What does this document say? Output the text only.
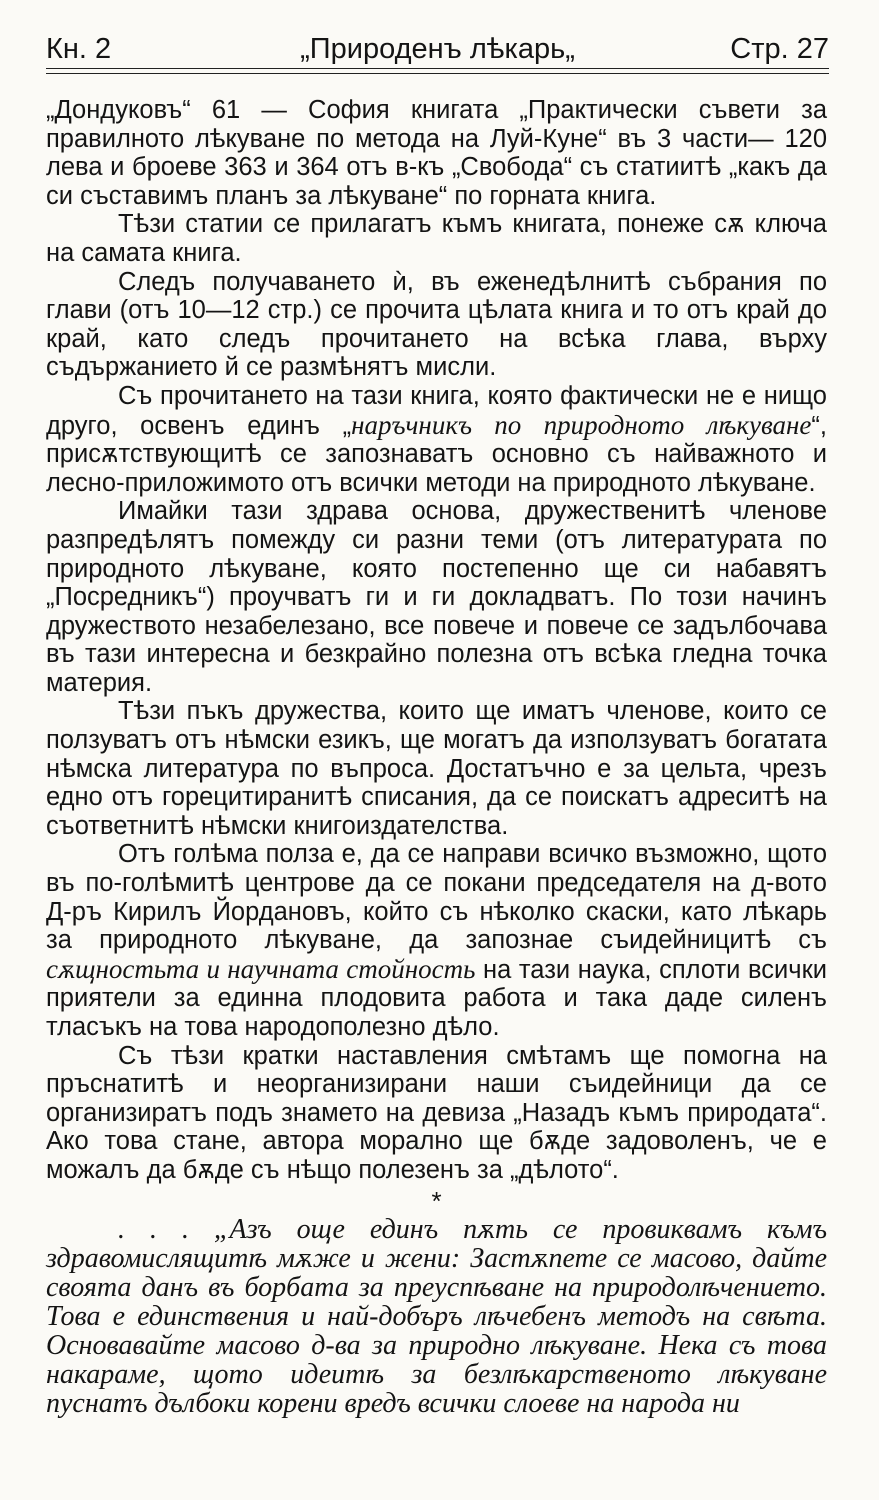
Кн. 2	„Природенъ лѣкарь„	Стр. 27

„Дондуковъ“ 61 — София книгата „Практически съвети за правилното лѣкуване по метода на Луй-Куне“ въ 3 части— 120 лева и броеве 363 и 364 отъ в-къ „Свобода“ съ статиитѣ „какъ да си съставимъ планъ за лѣкуване“ по горната книга.

Тѣзи статии се прилагатъ къмъ книгата, понеже сѫ ключа на самата книга.

Следъ получаването ѝ, въ еженедѣлнитѣ събрания по глави (отъ 10—12 стр.) се прочита цѣлата книга и то отъ край до край, като следъ прочитането на всѣка глава, върху съдържанието й се размѣнятъ мисли.

Съ прочитането на тази книга, която фактически не е нищо друго, освенъ единъ „наръчникъ по природното лѣкуване“, присѫтствующитѣ се запознаватъ основно съ найважното и лесно-приложимото отъ всички методи на природното лѣкуване.

Имайки тази здрава основа, дружественитѣ членове разпредѣлятъ помежду си разни теми (отъ литературата по природното лѣкуване, която постепенно ще си набавятъ „Посредникъ“) проучватъ ги и ги докладватъ. По този начинъ дружеството незабелезано, все повече и повече се задълбочава въ тази интересна и безкрайно полезна отъ всѣка гледна точка материя.

Тѣзи пъкъ дружества, които ще иматъ членове, които се ползуватъ отъ нѣмски езикъ, ще могатъ да използуватъ богатата нѣмска литература по въпроса. Достатъчно е за цельта, чрезъ едно отъ горецитиранитѣ списания, да се поискатъ адреситѣ на съответнитѣ нѣмски книгоиздателства.

Отъ голѣма полза е, да се направи всичко възможно, щото въ по-голѣмитѣ центрове да се покани председателя на д-вото Д-ръ Кирилъ Йордановъ, който съ нѣколко скаски, като лѣкарь за природното лѣкуване, да запознае съидейницитѣ съ сѫщностьта и научната стойность на тази наука, сплоти всички приятели за единна плодовита работа и така даде силенъ тласъкъ на това народополезно дѣло.

Съ тѣзи кратки наставления смѣтамъ ще помогна на пръснатитѣ и неорганизирани наши съидейници да се организиратъ подъ знамето на девиза „Назадъ къмъ природата“. Ако това стане, автора морално ще бѫде задоволенъ, че е можалъ да бѫде съ нѣщо полезенъ за „дѣлото“.

*

. . . „Азъ още единъ пѫть се провиквамъ къмъ здравомислящитѣ мѫже и жени: Застѫпете се масово, дайте своята данъ въ борбата за преуспѣване на природолѣчението. Това е единствения и най-добъръ лѣчебенъ методъ на свѣта. Основавайте масово д-ва за природно лѣкуване. Нека съ това накараме, щото идеитѣ за безлѣкарственото лѣкуване пуснатъ дълбоки корени вредъ всички слоеве на народа ни
